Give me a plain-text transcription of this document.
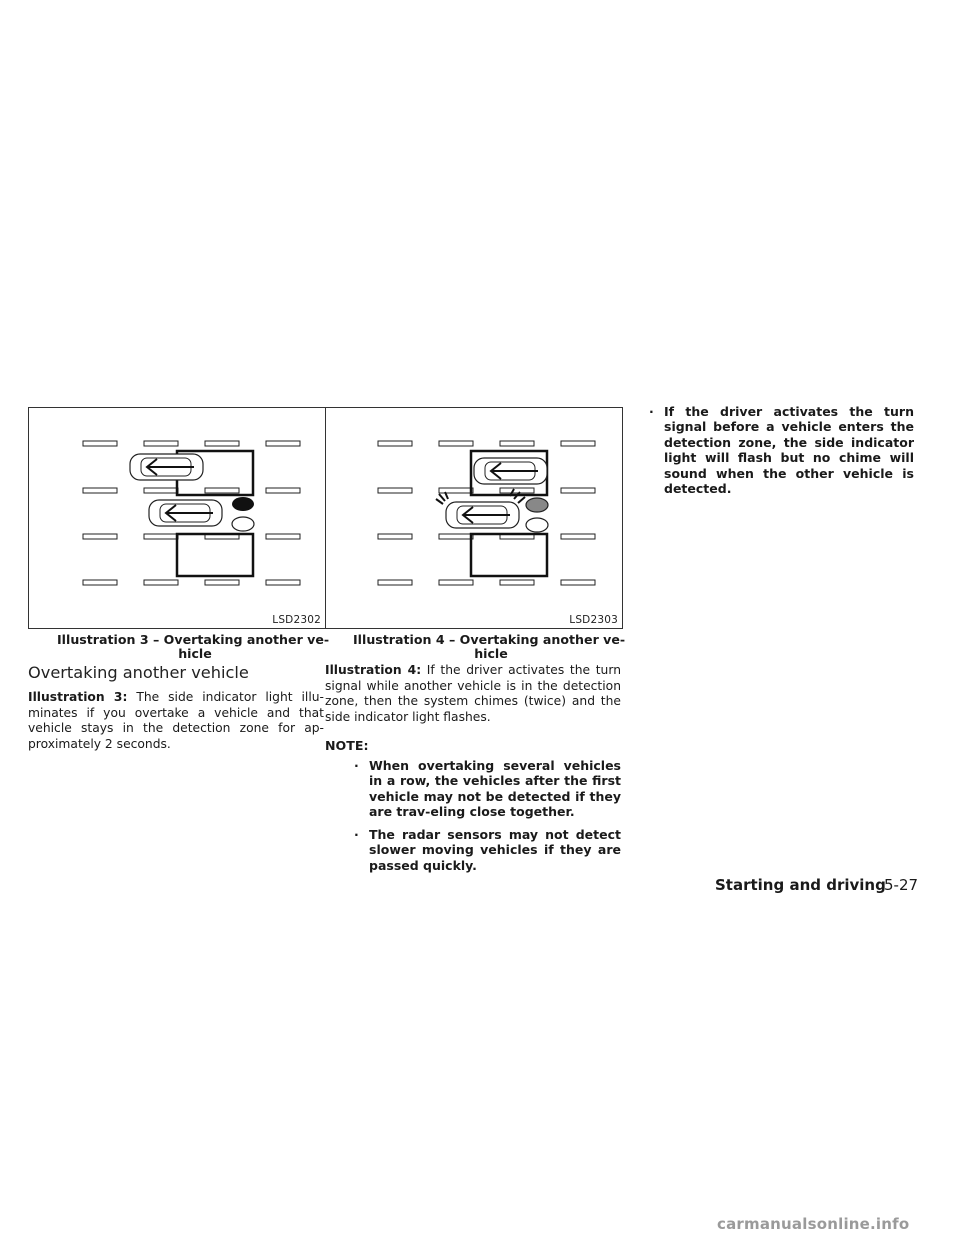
LSD2302
Illustration 3 – Overtaking another ve-
hicle
Overtaking another vehicle
Illustration 3: The side indicator light illu-minates if you overtake a vehicle and that vehicle stays in the detection zone for ap-proximately 2 seconds.
LSD2303
Illustration 4 – Overtaking another ve-
hicle
Illustration 4: If the driver activates the turn signal while another vehicle is in the detection zone, then the system chimes (twice) and the side indicator light flashes.
NOTE:
· When overtaking several vehicles in a row, the vehicles after the first vehicle may not be detected if they are trav-eling close together.
· The radar sensors may not detect slower moving vehicles if they are passed quickly.
· If the driver activates the turn signal before a vehicle enters the detection zone, the side indicator light will flash but no chime will sound when the other vehicle is detected.
Starting and driving
5-27
carmanualsonline.info
